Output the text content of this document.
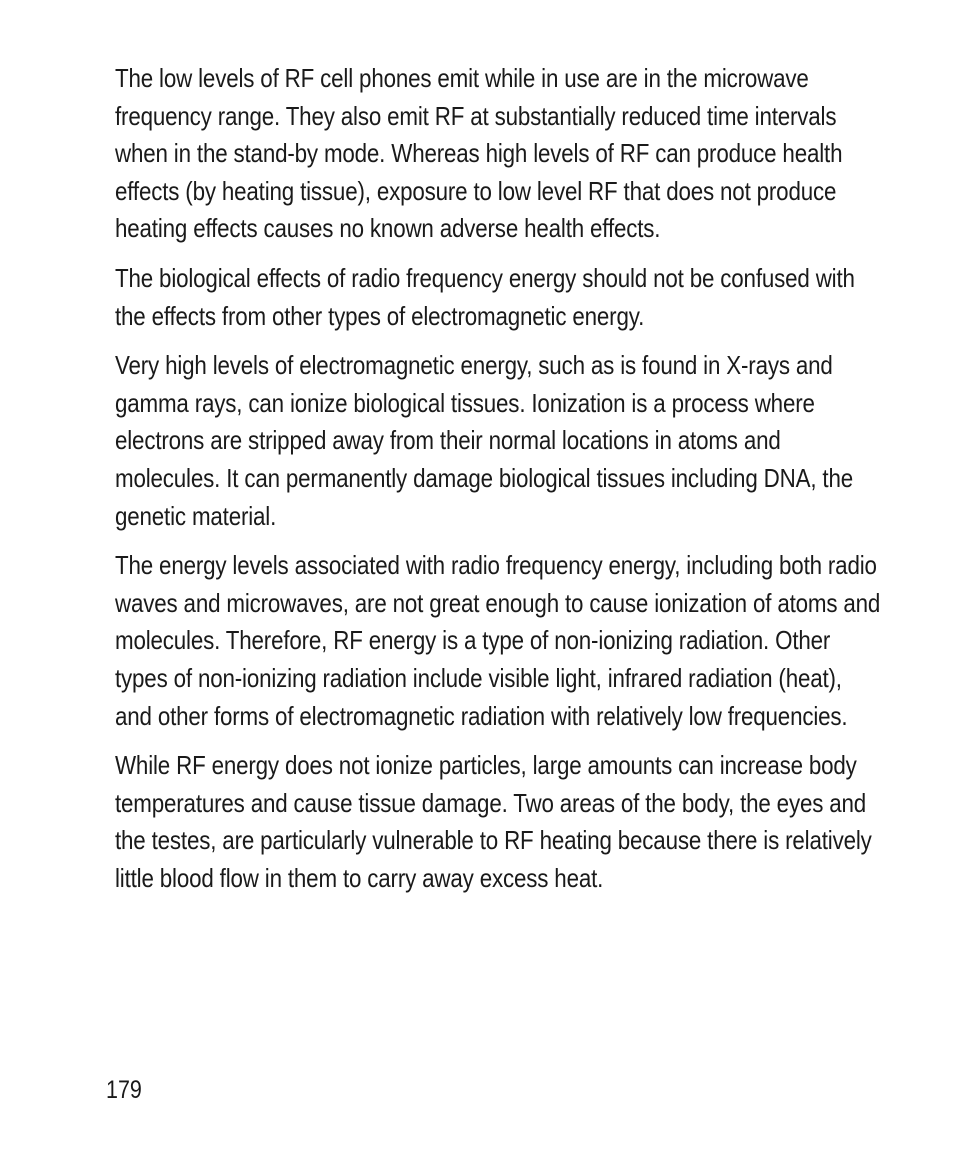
The low levels of RF cell phones emit while in use are in the microwave frequency range. They also emit RF at substantially reduced time intervals when in the stand-by mode. Whereas high levels of RF can produce health effects (by heating tissue), exposure to low level RF that does not produce heating effects causes no known adverse health effects.

The biological effects of radio frequency energy should not be confused with the effects from other types of electromagnetic energy.

Very high levels of electromagnetic energy, such as is found in X-rays and gamma rays, can ionize biological tissues. Ionization is a process where electrons are stripped away from their normal locations in atoms and molecules. It can permanently damage biological tissues including DNA, the genetic material.

The energy levels associated with radio frequency energy, including both radio waves and microwaves, are not great enough to cause ionization of atoms and molecules. Therefore, RF energy is a type of non-ionizing radiation. Other types of non-ionizing radiation include visible light, infrared radiation (heat), and other forms of electromagnetic radiation with relatively low frequencies.

While RF energy does not ionize particles, large amounts can increase body temperatures and cause tissue damage. Two areas of the body, the eyes and the testes, are particularly vulnerable to RF heating because there is relatively little blood flow in them to carry away excess heat.

179
